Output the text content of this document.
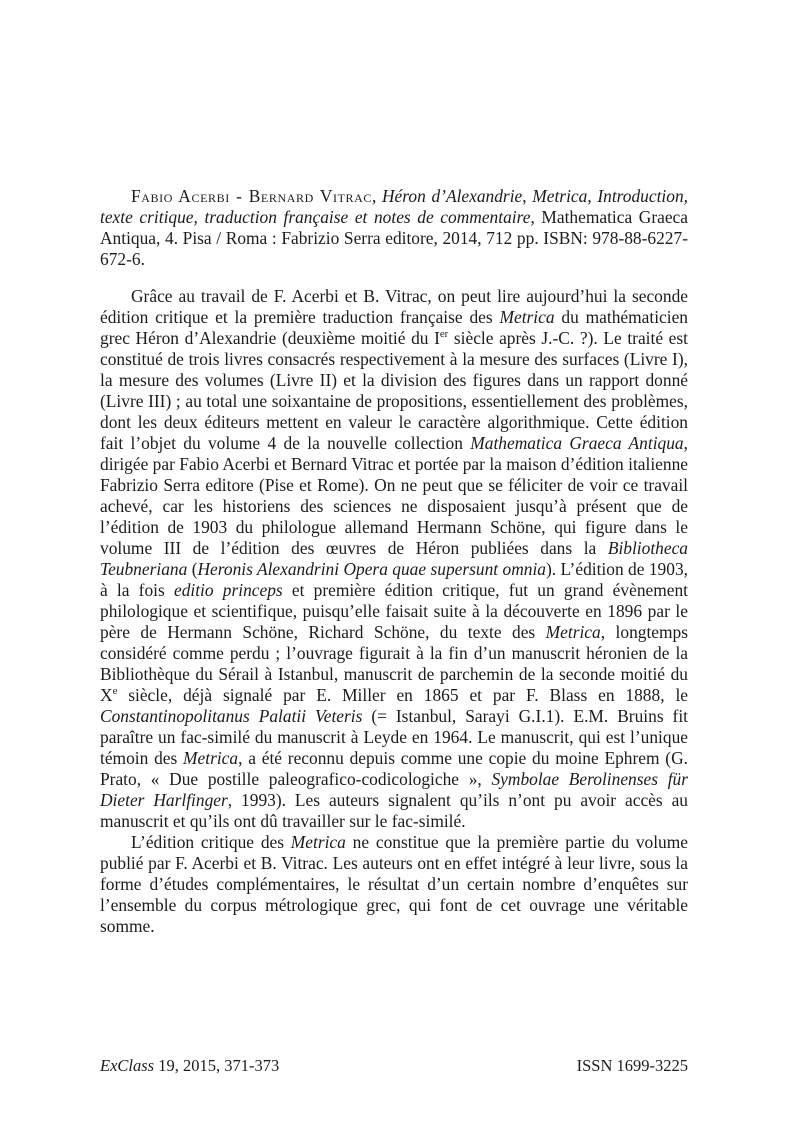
Fabio Acerbi - Bernard Vitrac, Héron d’Alexandrie, Metrica, Introduction, texte critique, traduction française et notes de commentaire, Mathematica Graeca Antiqua, 4. Pisa / Roma : Fabrizio Serra editore, 2014, 712 pp. ISBN: 978-88-6227-672-6.

Grâce au travail de F. Acerbi et B. Vitrac, on peut lire aujourd’hui la seconde édition critique et la première traduction française des Metrica du mathématicien grec Héron d’Alexandrie (deuxième moitié du Ier siècle après J.-C. ?). Le traité est constitué de trois livres consacrés respectivement à la mesure des surfaces (Livre I), la mesure des volumes (Livre II) et la division des figures dans un rapport donné (Livre III) ; au total une soixantaine de propositions, essentiellement des problèmes, dont les deux éditeurs mettent en valeur le caractère algorithmique. Cette édition fait l’objet du volume 4 de la nouvelle collection Mathematica Graeca Antiqua, dirigée par Fabio Acerbi et Bernard Vitrac et portée par la maison d’édition italienne Fabrizio Serra editore (Pise et Rome). On ne peut que se féliciter de voir ce travail achevé, car les historiens des sciences ne disposaient jusqu’à présent que de l’édition de 1903 du philologue allemand Hermann Schöne, qui figure dans le volume III de l’édition des œuvres de Héron publiées dans la Bibliotheca Teubneriana (Heronis Alexandrini Opera quae supersunt omnia). L’édition de 1903, à la fois editio princeps et première édition critique, fut un grand évènement philologique et scientifique, puisqu’elle faisait suite à la découverte en 1896 par le père de Hermann Schöne, Richard Schöne, du texte des Metrica, longtemps considéré comme perdu ; l’ouvrage figurait à la fin d’un manuscrit héronien de la Bibliothèque du Sérail à Istanbul, manuscrit de parchemin de la seconde moitié du Xe siècle, déjà signalé par E. Miller en 1865 et par F. Blass en 1888, le Constantinopolitanus Palatii Veteris (= Istanbul, Sarayi G.I.1). E.M. Bruins fit paraître un fac-similé du manuscrit à Leyde en 1964. Le manuscrit, qui est l’unique témoin des Metrica, a été reconnu depuis comme une copie du moine Ephrem (G. Prato, « Due postille paleografico-codicologiche », Symbolae Berolinenses für Dieter Harlfinger, 1993). Les auteurs signalent qu’ils n’ont pu avoir accès au manuscrit et qu’ils ont dû travailler sur le fac-similé.

L’édition critique des Metrica ne constitue que la première partie du volume publié par F. Acerbi et B. Vitrac. Les auteurs ont en effet intégré à leur livre, sous la forme d’études complémentaires, le résultat d’un certain nombre d’enquêtes sur l’ensemble du corpus métrologique grec, qui font de cet ouvrage une véritable somme.

ExClass 19, 2015, 371-373	ISSN 1699-3225
